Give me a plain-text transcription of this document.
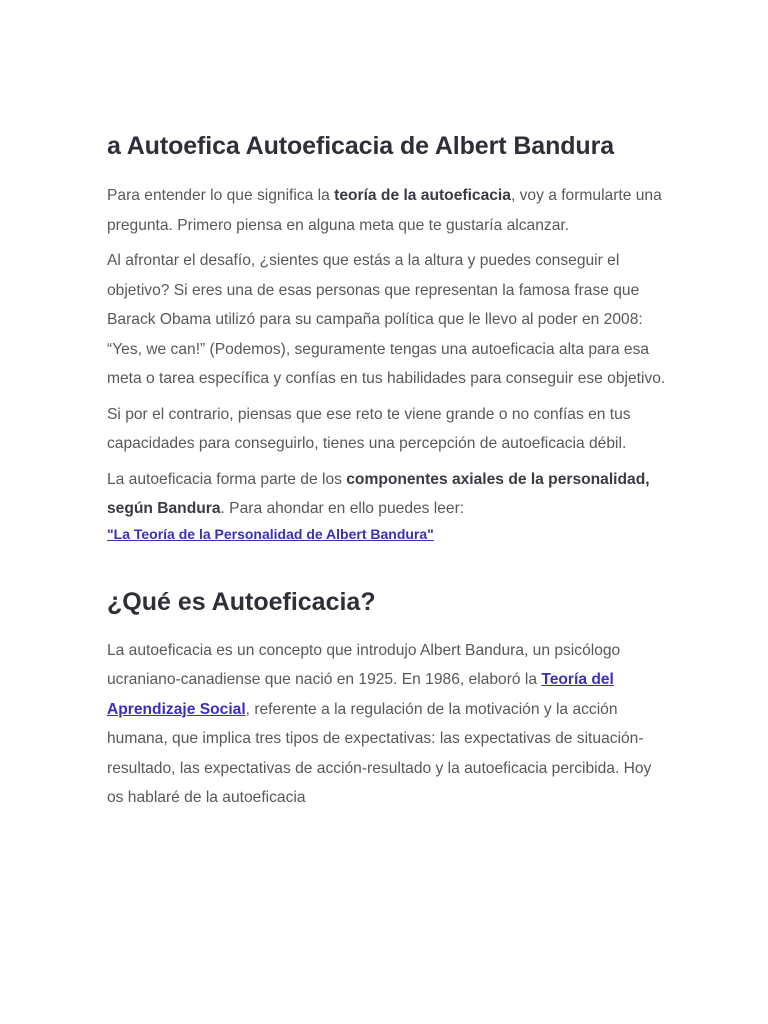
a Autoefica Autoeficacia de Albert Bandura

Para entender lo que significa la teoría de la autoeficacia, voy a formularte una pregunta. Primero piensa en alguna meta que te gustaría alcanzar.

Al afrontar el desafío, ¿sientes que estás a la altura y puedes conseguir el objetivo? Si eres una de esas personas que representan la famosa frase que Barack Obama utilizó para su campaña política que le llevo al poder en 2008: “Yes, we can!” (Podemos), seguramente tengas una autoeficacia alta para esa meta o tarea específica y confías en tus habilidades para conseguir ese objetivo.

Si por el contrario, piensas que ese reto te viene grande o no confías en tus capacidades para conseguirlo, tienes una percepción de autoeficacia débil.

La autoeficacia forma parte de los componentes axiales de la personalidad, según Bandura. Para ahondar en ello puedes leer:

"La Teoría de la Personalidad de Albert Bandura"
¿Qué es Autoeficacia?

La autoeficacia es un concepto que introdujo Albert Bandura, un psicólogo ucraniano-canadiense que nació en 1925. En 1986, elaboró la Teoría del Aprendizaje Social, referente a la regulación de la motivación y la acción humana, que implica tres tipos de expectativas: las expectativas de situación-resultado, las expectativas de acción-resultado y la autoeficacia percibida. Hoy os hablaré de la autoeficacia
